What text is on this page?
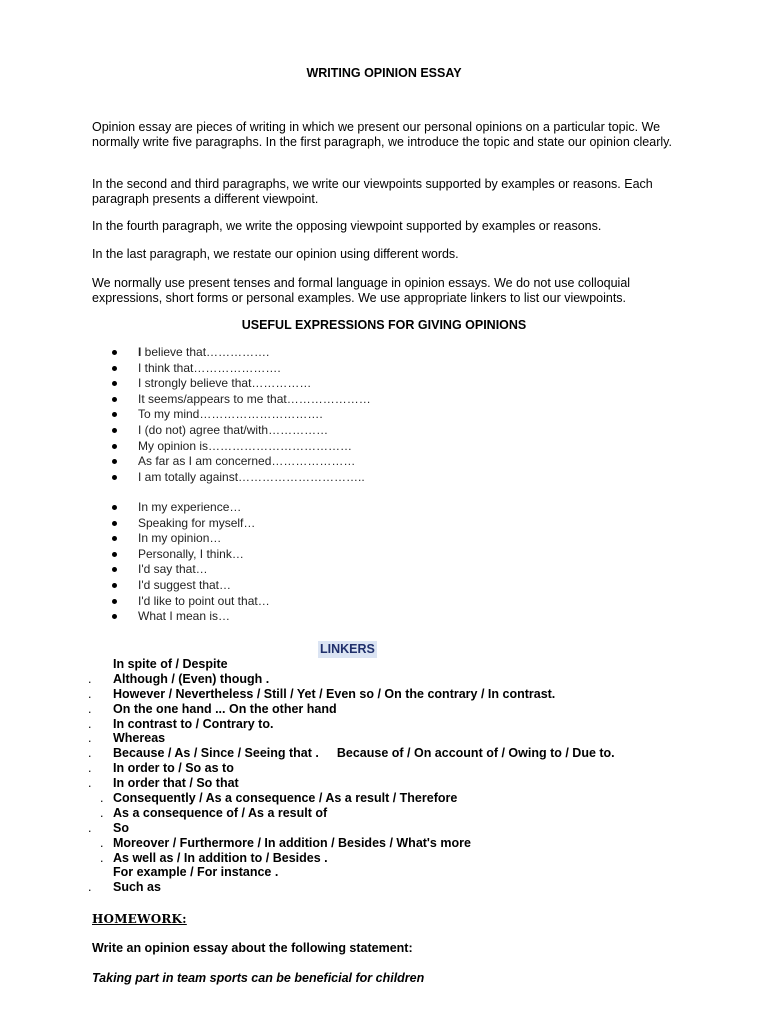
WRITING OPINION ESSAY

Opinion essay are pieces of writing in which we present our personal opinions on a particular topic. We normally write five paragraphs. In the first paragraph, we introduce the topic and state our opinion clearly.

In the second and third paragraphs, we write our viewpoints supported by examples or reasons. Each paragraph presents a different viewpoint.

In the fourth paragraph, we write the opposing viewpoint supported by examples or reasons.

In the last paragraph, we restate our opinion using different words.

We normally use present tenses and formal language in opinion essays. We do not use colloquial expressions, short forms or personal examples. We use appropriate linkers to list our viewpoints.

USEFUL EXPRESSIONS FOR GIVING OPINIONS
I believe that…………….
I think that………………….
I strongly believe that……………
It seems/appears to me that…………………
To my mind………………………….
I (do not) agree that/with……………
My opinion is………………………………
As far as I am concerned…………………
I am totally against…………………………..
In my experience…
Speaking for myself…
In my opinion…
Personally, I think…
I'd say that…
I'd suggest that…
I'd like to point out that…
What I mean is…
LINKERS
In spite of / Despite
.	Although / (Even) though .
.	However / Nevertheless / Still / Yet / Even so / On the contrary / In contrast.
.	On the one hand ... On the other hand
.	In contrast to / Contrary to.
.	Whereas
.	Because / As / Since / Seeing that . Because of / On account of / Owing to / Due to.
.	In order to / So as to
.	In order that / So that
. Consequently / As a consequence / As a result / Therefore
. As a consequence of / As a result of
.	So
. Moreover / Furthermore / In addition / Besides / What's more
. As well as / In addition to / Besides .
For example / For instance .
.	Such as
HOMEWORK:
Write an opinion essay about the following statement:
Taking part in team sports can be beneficial for children
